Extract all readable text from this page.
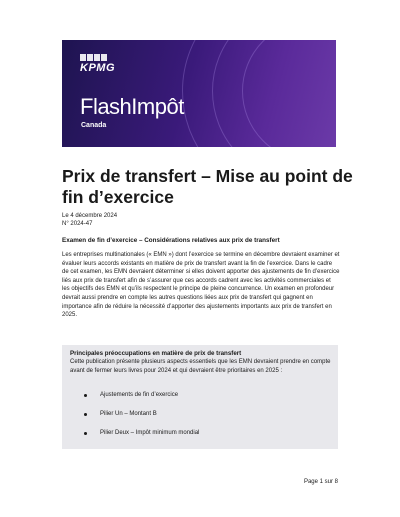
KPMG
FlashImpôt
Canada
Prix de transfert – Mise au point de fin d’exercice
Le 4 décembre 2024
N° 2024-47
Examen de fin d’exercice – Considérations relatives aux prix de transfert

Les entreprises multinationales (« EMN ») dont l’exercice se termine en décembre devraient examiner et évaluer leurs accords existants en matière de prix de transfert avant la fin de l’exercice. Dans le cadre de cet examen, les EMN devraient déterminer si elles doivent apporter des ajustements de fin d’exercice liés aux prix de transfert afin de s’assurer que ces accords cadrent avec les activités commerciales et les objectifs des EMN et qu’ils respectent le principe de pleine concurrence. Un examen en profondeur devrait aussi prendre en compte les autres questions liées aux prix de transfert qui gagnent en importance afin de réduire la nécessité d’apporter des ajustements importants aux prix de transfert en 2025.

Principales préoccupations en matière de prix de transfert

Cette publication présente plusieurs aspects essentiels que les EMN devraient prendre en compte avant de fermer leurs livres pour 2024 et qui devraient être prioritaires en 2025 :

Ajustements de fin d’exercice
Pilier Un – Montant B
Pilier Deux – Impôt minimum mondial
Page 1 sur 8
